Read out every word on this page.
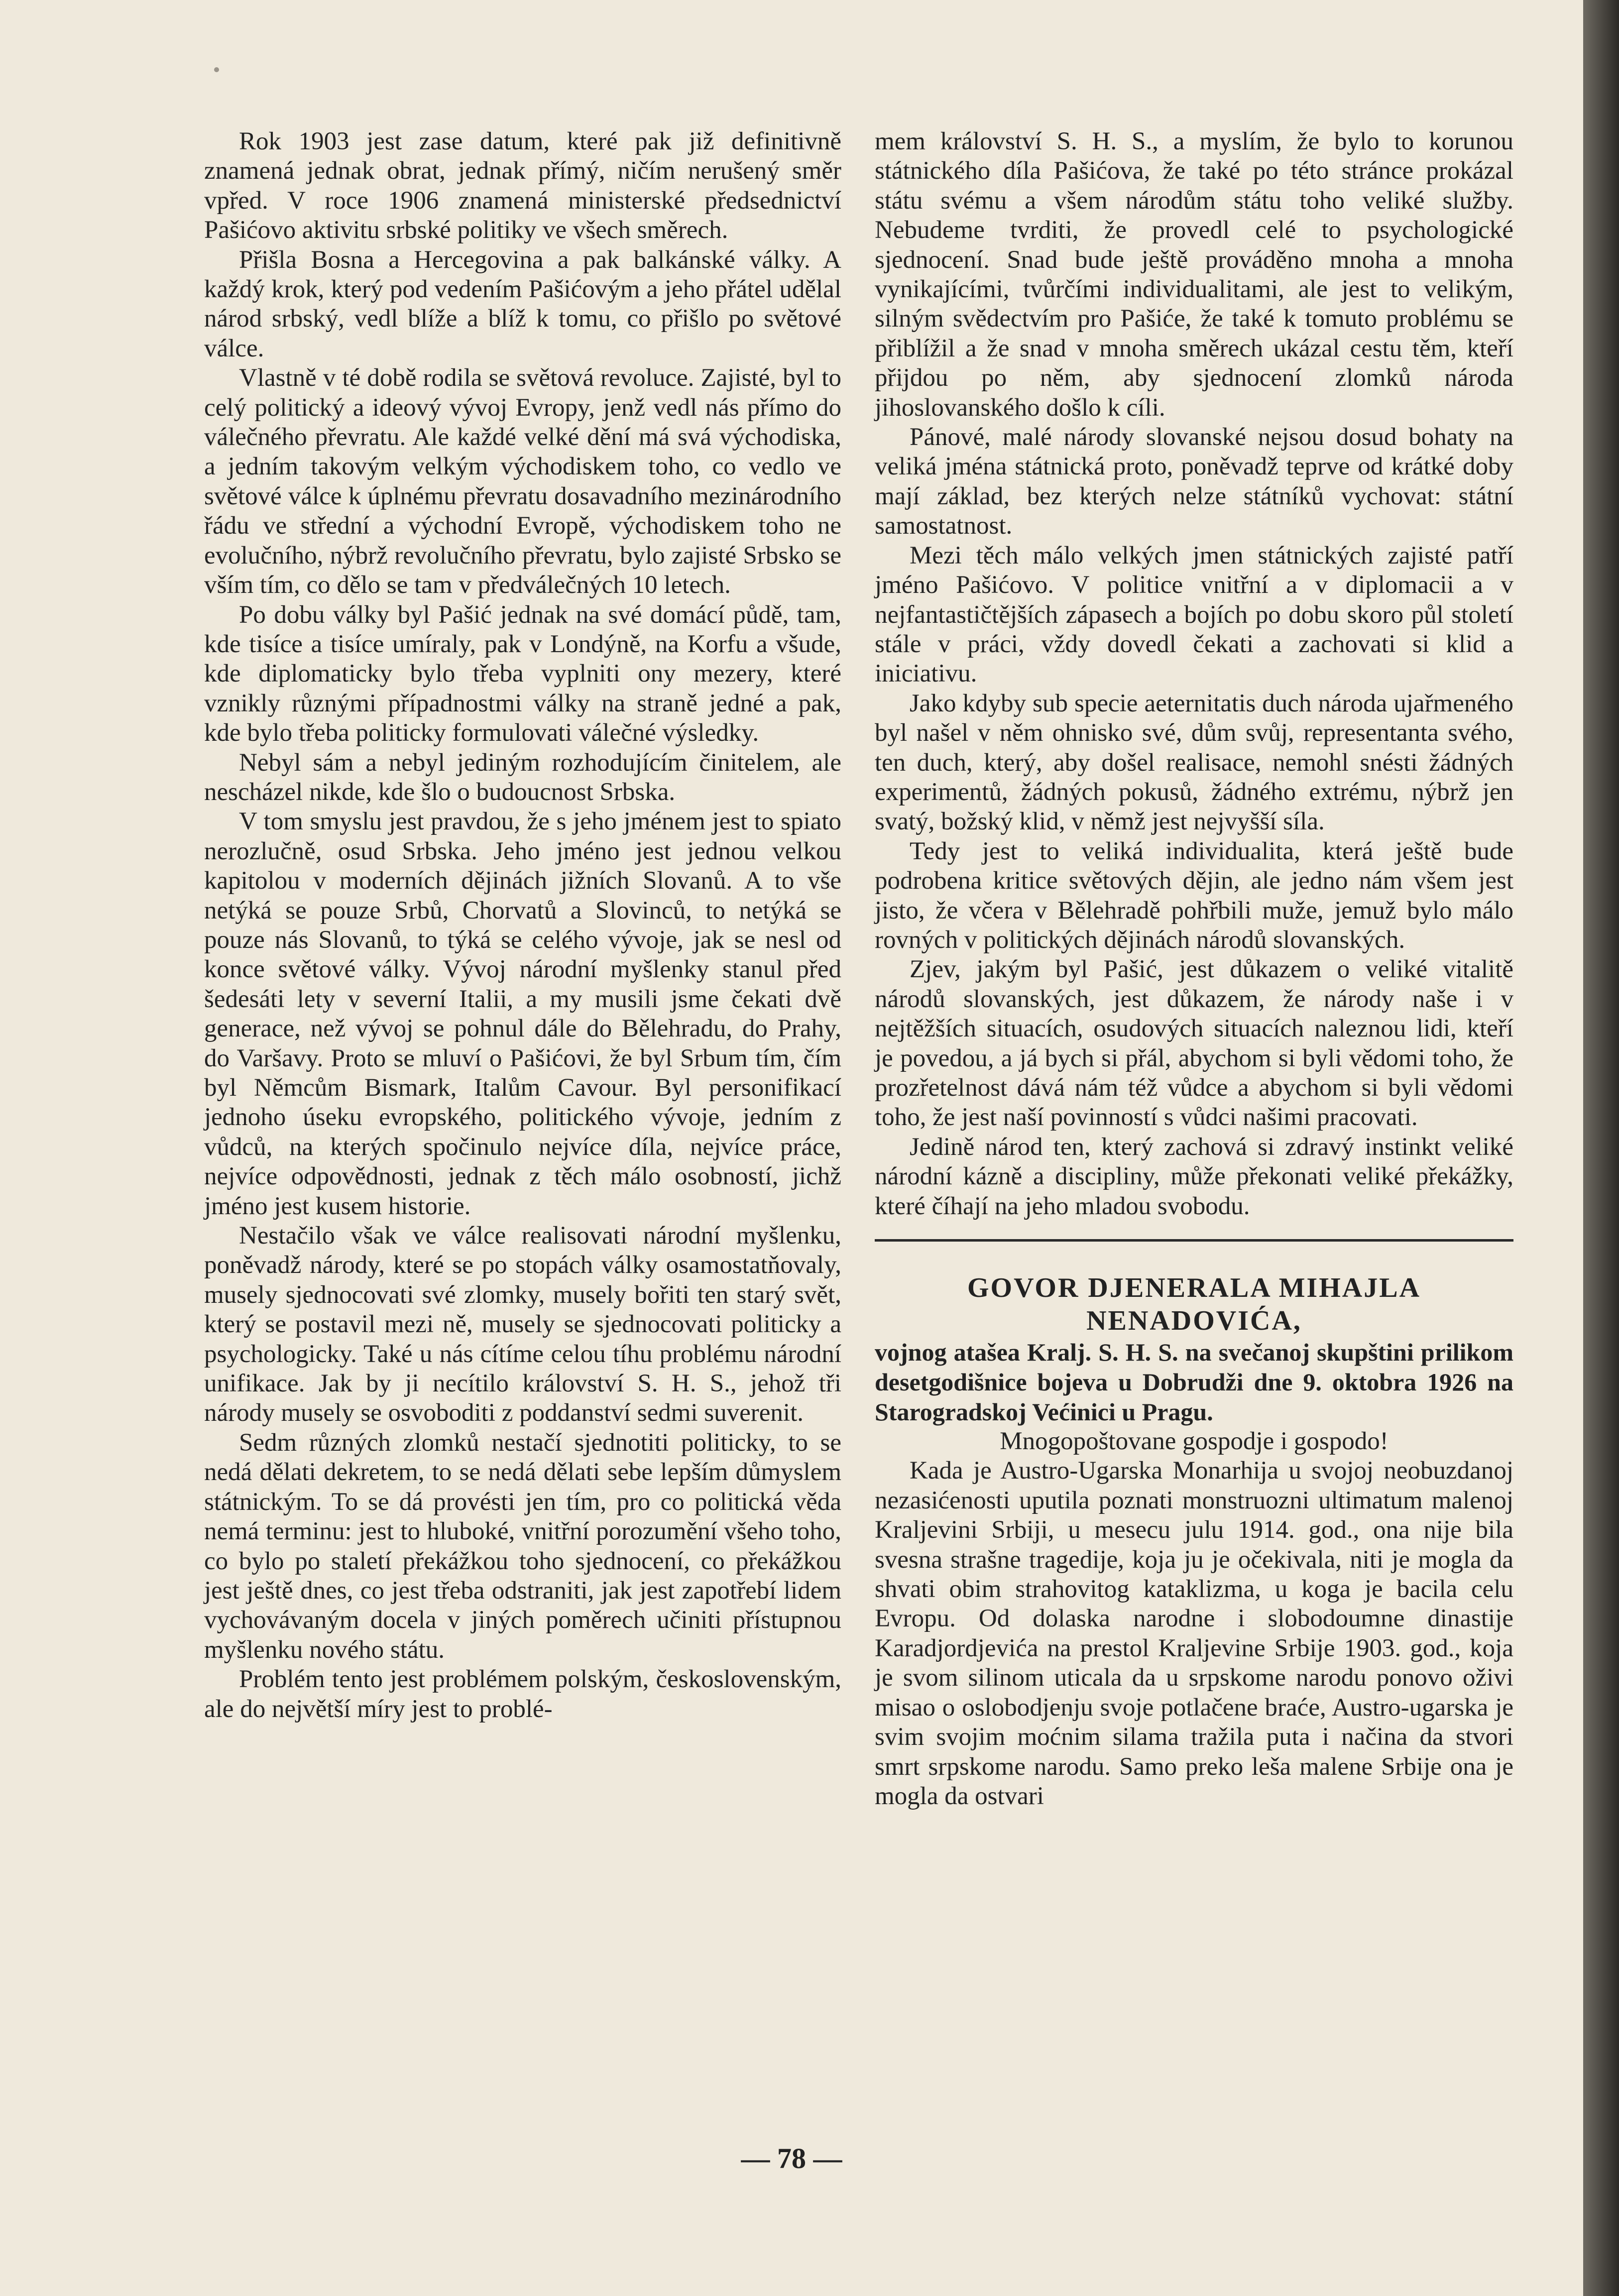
Rok 1903 jest zase datum, které pak již definitivně znamená jednak obrat, jednak přímý, ničím nerušený směr vpřed. V roce 1906 znamená ministerské předsednictví Pašićovo aktivitu srbské politiky ve všech směrech.

Přišla Bosna a Hercegovina a pak balkánské války. A každý krok, který pod vedením Pašićovým a jeho přátel udělal národ srbský, vedl blíže a blíž k tomu, co přišlo po světové válce.

Vlastně v té době rodila se světová revoluce. Zajisté, byl to celý politický a ideový vývoj Evropy, jenž vedl nás přímo do válečného převratu. Ale každé velké dění má svá východiska, a jedním takovým velkým východiskem toho, co vedlo ve světové válce k úplnému převratu dosavadního mezinárodního řádu ve střední a východní Evropě, východiskem toho ne evolučního, nýbrž revolučního převratu, bylo zajisté Srbsko se vším tím, co dělo se tam v předválečných 10 letech.

Po dobu války byl Pašić jednak na své domácí půdě, tam, kde tisíce a tisíce umíraly, pak v Londýně, na Korfu a všude, kde diplomaticky bylo třeba vyplniti ony mezery, které vznikly různými případnostmi války na straně jedné a pak, kde bylo třeba politicky formulovati válečné výsledky.

Nebyl sám a nebyl jediným rozhodujícím činitelem, ale nescházel nikde, kde šlo o budoucnost Srbska.

V tom smyslu jest pravdou, že s jeho jménem jest to spiato nerozlučně, osud Srbska. Jeho jméno jest jednou velkou kapitolou v moderních dějinách jižních Slovanů. A to vše netýká se pouze Srbů, Chorvatů a Slovinců, to netýká se pouze nás Slovanů, to týká se celého vývoje, jak se nesl od konce světové války. Vývoj národní myšlenky stanul před šedesáti lety v severní Italii, a my musili jsme čekati dvě generace, než vývoj se pohnul dále do Bělehradu, do Prahy, do Varšavy. Proto se mluví o Pašićovi, že byl Srbum tím, čím byl Němcům Bismark, Italům Cavour. Byl personifikací jednoho úseku evropského, politického vývoje, jedním z vůdců, na kterých spočinulo nejvíce díla, nejvíce práce, nejvíce odpovědnosti, jednak z těch málo osobností, jichž jméno jest kusem historie.

Nestačilo však ve válce realisovati národní myšlenku, poněvadž národy, které se po stopách války osamostatňovaly, musely sjednocovati své zlomky, musely bořiti ten starý svět, který se postavil mezi ně, musely se sjednocovati politicky a psychologicky. Také u nás cítíme celou tíhu problému národní unifikace. Jak by ji necítilo království S. H. S., jehož tři národy musely se osvoboditi z poddanství sedmi suverenit.

Sedm různých zlomků nestačí sjednotiti politicky, to se nedá dělati dekretem, to se nedá dělati sebe lepším důmyslem státnickým. To se dá provésti jen tím, pro co politická věda nemá terminu: jest to hluboké, vnitřní porozumění všeho toho, co bylo po staletí překážkou toho sjednocení, co překážkou jest ještě dnes, co jest třeba odstraniti, jak jest zapotřebí lidem vychovávaným docela v jiných poměrech učiniti přístupnou myšlenku nového státu.

Problém tento jest problémem polským, československým, ale do největší míry jest to problé-

mem království S. H. S., a myslím, že bylo to korunou státnického díla Pašićova, že také po této stránce prokázal státu svému a všem národům státu toho veliké služby. Nebudeme tvrditi, že provedl celé to psychologické sjednocení. Snad bude ještě prováděno mnoha a mnoha vynikajícími, tvůrčími individualitami, ale jest to velikým, silným svědectvím pro Pašiće, že také k tomuto problému se přiblížil a že snad v mnoha směrech ukázal cestu těm, kteří přijdou po něm, aby sjednocení zlomků národa jihoslovanského došlo k cíli.

Pánové, malé národy slovanské nejsou dosud bohaty na veliká jména státnická proto, poněvadž teprve od krátké doby mají základ, bez kterých nelze státníků vychovat: státní samostatnost.

Mezi těch málo velkých jmen státnických zajisté patří jméno Pašićovo. V politice vnitřní a v diplomacii a v nejfantastičtějších zápasech a bojích po dobu skoro půl století stále v práci, vždy dovedl čekati a zachovati si klid a iniciativu.

Jako kdyby sub specie aeternitatis duch národa ujařmeného byl našel v něm ohnisko své, dům svůj, representanta svého, ten duch, který, aby došel realisace, nemohl snésti žádných experimentů, žádných pokusů, žádného extrému, nýbrž jen svatý, božský klid, v němž jest nejvyšší síla.

Tedy jest to veliká individualita, která ještě bude podrobena kritice světových dějin, ale jedno nám všem jest jisto, že včera v Bělehradě pohřbili muže, jemuž bylo málo rovných v politických dějinách národů slovanských.

Zjev, jakým byl Pašić, jest důkazem o veliké vitalitě národů slovanských, jest důkazem, že národy naše i v nejtěžších situacích, osudových situacích naleznou lidi, kteří je povedou, a já bych si přál, abychom si byli vědomi toho, že prozřetelnost dává nám též vůdce a abychom si byli vědomi toho, že jest naší povinností s vůdci našimi pracovati.

Jedině národ ten, který zachová si zdravý instinkt veliké národní kázně a discipliny, může překonati veliké překážky, které číhají na jeho mladou svobodu.

GOVOR DJENERALA MIHAJLA NENADOVIĆA,

vojnog atašea Kralj. S. H. S. na svečanoj skupštini prilikom desetgodišnice bojeva u Dobrudži dne 9. oktobra 1926 na Starogradskoj Većinici u Pragu.

Mnogopoštovane gospodje i gospodo!

Kada je Austro-Ugarska Monarhija u svojoj neobuzdanoj nezasićenosti uputila poznati monstruozni ultimatum malenoj Kraljevini Srbiji, u mesecu julu 1914. god., ona nije bila svesna strašne tragedije, koja ju je očekivala, niti je mogla da shvati obim strahovitog kataklizma, u koga je bacila celu Evropu. Od dolaska narodne i slobodoumne dinastije Karadjordjevića na prestol Kraljevine Srbije 1903. god., koja je svom silinom uticala da u srpskome narodu ponovo oživi misao o oslobodjenju svoje potlačene braće, Austro-ugarska je svim svojim moćnim silama tražila puta i načina da stvori smrt srpskome narodu. Samo preko leša malene Srbije ona je mogla da ostvari

— 78 —
